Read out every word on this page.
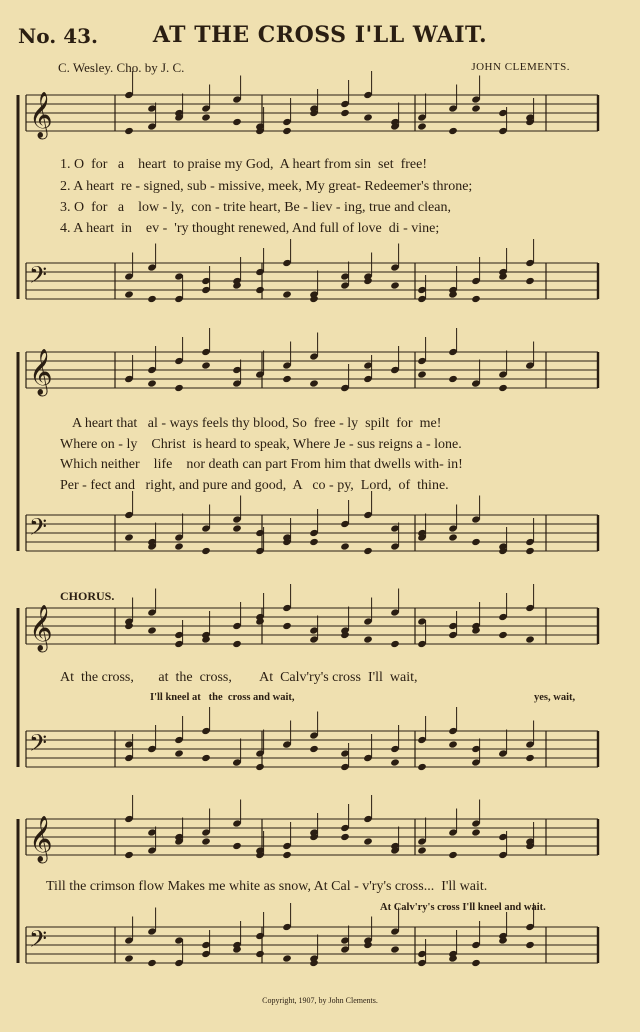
No. 43.	AT THE CROSS I'LL WAIT.
C. Wesley. Cho. by J. C.	JOHN CLEMENTS.
𝄞
𝄢
𝄞
𝄢
𝄞
𝄢
𝄞
𝄢
1. O  for   a    heart  to praise my God,  A heart from sin  set  free!
2. A heart  re - signed, sub - missive, meek, My great- Redeemer's throne;
3. O  for   a    low - ly,  con - trite heart, Be - liev - ing, true and clean,
4. A heart  in    ev -  'ry thought renewed, And full of love  di - vine;
A heart that   al - ways feels thy blood, So  free - ly  spilt  for  me!
Where on - ly    Christ  is heard to speak, Where Je - sus reigns a - lone.
Which neither    life    nor death can part From him that dwells with- in!
Per - fect and   right, and pure and good,  A   co - py,  Lord,  of  thine.
CHORUS.
At  the cross,       at  the  cross,        At  Calv'ry's cross  I'll  wait,
I'll kneel at   the  cross and wait,	yes, wait,
Till the crimson flow Makes me white as snow, At Cal - v'ry's cross...  I'll wait.
At Calv'ry's cross I'll kneel and wait.
Copyright, 1907, by John Clements.
